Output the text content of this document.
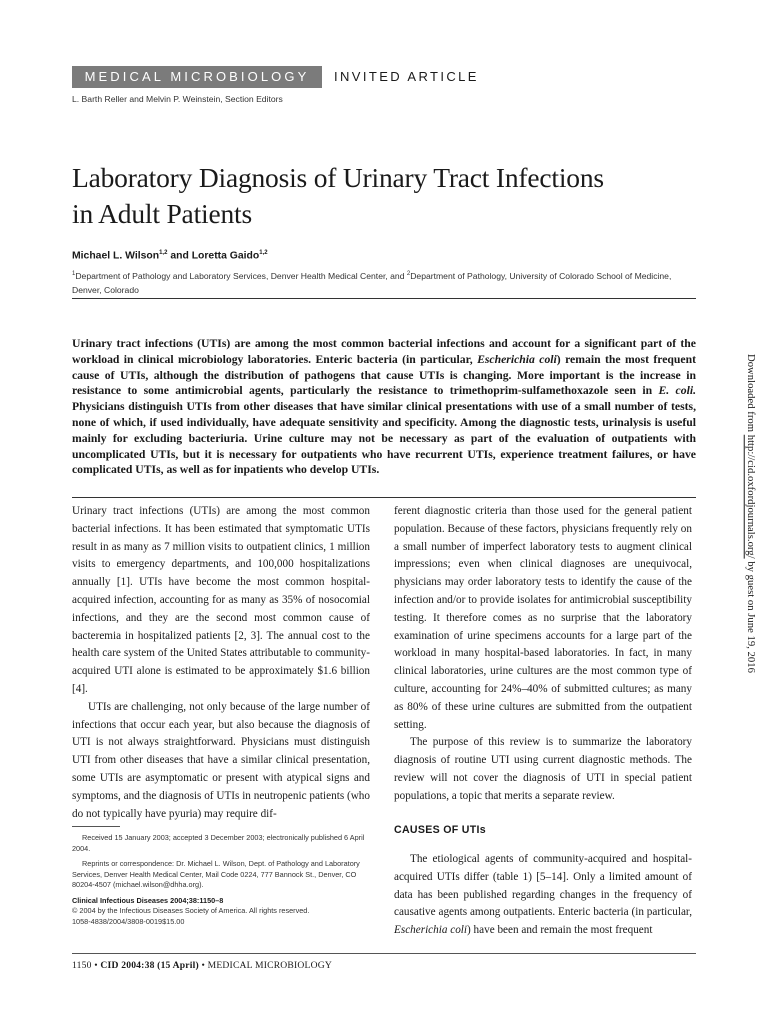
MEDICAL MICROBIOLOGY	INVITED ARTICLE
L. Barth Reller and Melvin P. Weinstein, Section Editors
Laboratory Diagnosis of Urinary Tract Infections
in Adult Patients
Michael L. Wilson$^{1,2}$ and Loretta Gaido$^{1,2}$
$^1$Department of Pathology and Laboratory Services, Denver Health Medical Center, and $^2$Department of Pathology, University of Colorado School of Medicine,
Denver, Colorado

Urinary tract infections (UTIs) are among the most common bacterial infections and account for a significant part of the workload in clinical microbiology laboratories. Enteric bacteria (in particular, Escherichia coli) remain the most frequent cause of UTIs, although the distribution of pathogens that cause UTIs is changing. More important is the increase in resistance to some antimicrobial agents, particularly the resistance to trimethoprim-sulfamethoxazole seen in E. coli. Physicians distinguish UTIs from other diseases that have similar clinical presentations with use of a small number of tests, none of which, if used individually, have adequate sensitivity and specificity. Among the diagnostic tests, urinalysis is useful mainly for excluding bacteriuria. Urine culture may not be necessary as part of the evaluation of outpatients with uncomplicated UTIs, but it is necessary for outpatients who have recurrent UTIs, experience treatment failures, or have complicated UTIs, as well as for inpatients who develop UTIs.

Urinary tract infections (UTIs) are among the most common bacterial infections. It has been estimated that symptomatic UTIs result in as many as 7 million visits to outpatient clinics, 1 million visits to emergency departments, and 100,000 hospitalizations annually [1]. UTIs have become the most common hospital-acquired infection, accounting for as many as 35% of nosocomial infections, and they are the second most common cause of bacteremia in hospitalized patients [2, 3]. The annual cost to the health care system of the United States attributable to community-acquired UTI alone is estimated to be approximately $1.6 billion [4].

UTIs are challenging, not only because of the large number of infections that occur each year, but also because the diagnosis of UTI is not always straightforward. Physicians must distinguish UTI from other diseases that have a similar clinical presentation, some UTIs are asymptomatic or present with atypical signs and symptoms, and the diagnosis of UTIs in neutropenic patients (who do not typically have pyuria) may require dif-

ferent diagnostic criteria than those used for the general patient population. Because of these factors, physicians frequently rely on a small number of imperfect laboratory tests to augment clinical impressions; even when clinical diagnoses are unequivocal, physicians may order laboratory tests to identify the cause of the infection and/or to provide isolates for antimicrobial susceptibility testing. It therefore comes as no surprise that the laboratory examination of urine specimens accounts for a large part of the workload in many hospital-based laboratories. In fact, in many clinical laboratories, urine cultures are the most common type of culture, accounting for 24%–40% of submitted cultures; as many as 80% of these urine cultures are submitted from the outpatient setting.

The purpose of this review is to summarize the laboratory diagnosis of routine UTI using current diagnostic methods. The review will not cover the diagnosis of UTI in special patient populations, a topic that merits a separate review.

CAUSES OF UTIs

The etiological agents of community-acquired and hospital-acquired UTIs differ (table 1) [5–14]. Only a limited amount of data has been published regarding changes in the frequency of causative agents among outpatients. Enteric bacteria (in particular, Escherichia coli) have been and remain the most frequent

Received 15 January 2003; accepted 3 December 2003; electronically published 6 April 2004.

Reprints or correspondence: Dr. Michael L. Wilson, Dept. of Pathology and Laboratory Services, Denver Health Medical Center, Mail Code 0224, 777 Bannock St., Denver, CO 80204-4507 (michael.wilson@dhha.org).

Clinical Infectious Diseases 2004;38:1150–8

© 2004 by the Infectious Diseases Society of America. All rights reserved.

1058-4838/2004/3808-0019$15.00

1150 • CID 2004:38 (15 April) • MEDICAL MICROBIOLOGY
Downloaded from http://cid.oxfordjournals.org/ by guest on June 19, 2016
